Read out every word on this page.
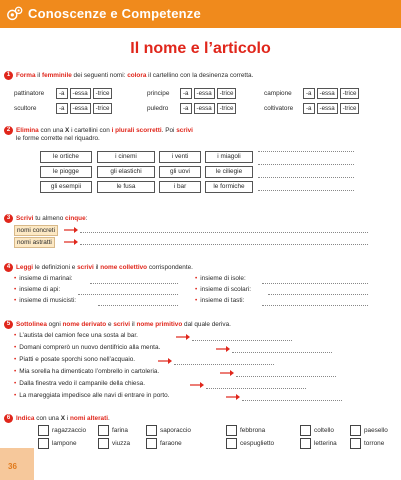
Conoscenze e Competenze
Il nome e l’articolo
1 Forma il femminile dei seguenti nomi: colora il cartellino con la desinenza corretta.
pattinatore	-a	-essa	-trice	principe	-a	-essa	-trice	campione	-a	-essa	-trice
scultore	-a	-essa	-trice	puledro	-a	-essa	-trice	coltivatore	-a	-essa	-trice
2 Elimina con una X i cartellini con i plurali scorretti. Poi scrivi
le forme corrette nel riquadro.
le ortiche	i cinemi	i venti	i miagoli
le piogge	gli elastichi	gli uovi	le ciliegie
gli esempii	le fusa	i bar	le formiche
3 Scrivi tu almeno cinque:
nomi concreti
nomi astratti
4 Leggi le definizioni e scrivi il nome collettivo corrispondente.
• insieme di marinai:	• insieme di isole:
• insieme di api:	• insieme di scolari:
• insieme di musicisti:	• insieme di tasti:
5 Sottolinea ogni nome derivato e scrivi il nome primitivo dal quale deriva.
• L’autista del camion fece una sosta al bar.
• Domani comprerò un nuovo dentifricio alla menta.
• Piatti e posate sporchi sono nell’acquaio.
• Mia sorella ha dimenticato l’ombrello in cartoleria.
• Dalla finestra vedo il campanile della chiesa.
• La mareggiata impedisce alle navi di entrare in porto.
6 Indica con una X i nomi alterati.
ragazzaccio	farina	saporaccio	febbrona	coltello	paesello
lampone	viuzza	faraone	cespuglietto	letterina	torrone
36
